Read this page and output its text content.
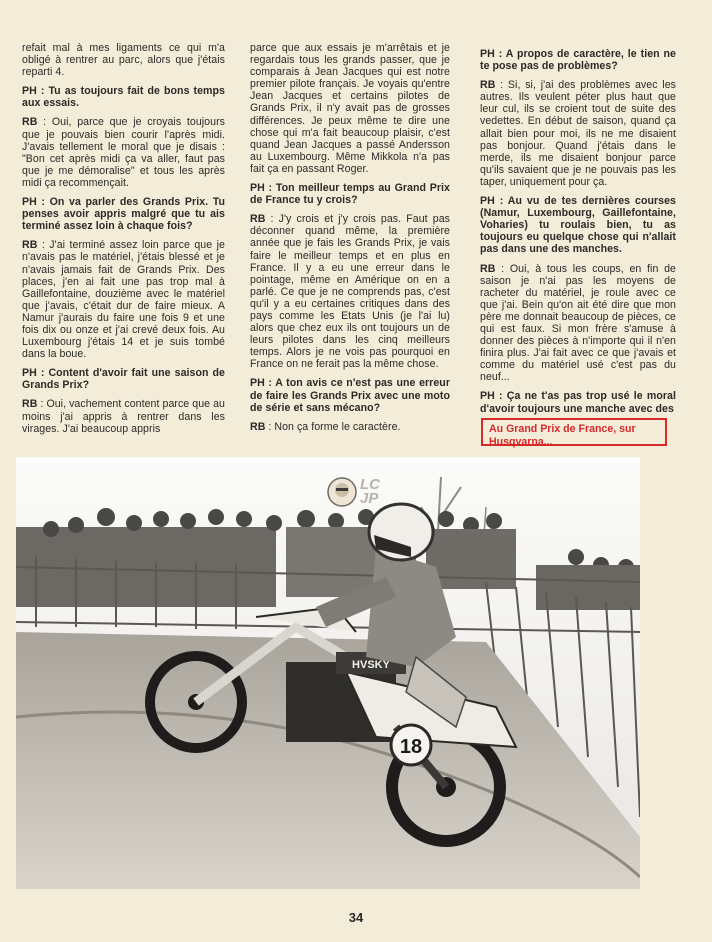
refait mal à mes ligaments ce qui m'a obligé à rentrer au parc, alors que j'étais reparti 4.

PH : Tu as toujours fait de bons temps aux essais.

RB : Oui, parce que je croyais toujours que je pouvais bien courir l'après midi. J'avais tellement le moral que je disais : "Bon cet après midi ça va aller, faut pas que je me démoralise" et tous les après midi ça recommençait.

PH : On va parler des Grands Prix. Tu penses avoir appris malgré que tu ais terminé assez loin à chaque fois?

RB : J'ai terminé assez loin parce que je n'avais pas le matériel, j'étais blessé et je n'avais jamais fait de Grands Prix. Des places, j'en ai fait une pas trop mal à Gaillefontaine, douzième avec le matériel que j'avais, c'était dur de faire mieux. A Namur j'aurais du faire une fois 9 et une fois dix ou onze et j'ai crevé deux fois. Au Luxembourg j'étais 14 et je suis tombé dans la boue.

PH : Content d'avoir fait une saison de Grands Prix?

RB : Oui, vachement content parce que au moins j'ai appris à rentrer dans les virages. J'ai beaucoup appris

parce que aux essais je m'arrêtais et je regardais tous les grands passer, que je comparais à Jean Jacques qui est notre premier pilote français. Je voyais qu'entre Jean Jacques et certains pilotes de Grands Prix, il n'y avait pas de grosses différences. Je peux même te dire une chose qui m'a fait beaucoup plaisir, c'est quand Jean Jacques a passé Andersson au Luxembourg. Même Mikkola n'a pas fait ça en passant Roger.

PH : Ton meilleur temps au Grand Prix de France tu y crois?

RB : J'y crois et j'y crois pas. Faut pas déconner quand même, la première année que je fais les Grands Prix, je vais faire le meilleur temps et en plus en France. Il y a eu une erreur dans le pointage, même en Amérique on en a parlé. Ce que je ne comprends pas, c'est qu'il y a eu certaines critiques dans des pays comme les Etats Unis (je l'ai lu) alors que chez eux ils ont toujours un de leurs pilotes dans les cinq meilleurs temps. Alors je ne vois pas pourquoi en France on ne ferait pas la même chose.

PH : A ton avis ce n'est pas une erreur de faire les Grands Prix avec une moto de série et sans mécano?

RB : Non ça forme le caractère.

PH : A propos de caractère, le tien ne te pose pas de problèmes?

RB : Si, si, j'ai des problèmes avec les autres. Ils veulent péter plus haut que leur cul, ils se croient tout de suite des vedettes. En début de saison, quand ça allait bien pour moi, ils ne me disaient pas bonjour. Quand j'étais dans le merde, ils me disaient bonjour parce qu'ils savaient que je ne pouvais pas les taper, uniquement pour ça.

PH : Au vu de tes dernières courses (Namur, Luxembourg, Gaillefontaine, Voharies) tu roulais bien, tu as toujours eu quelque chose qui n'allait pas dans une des manches.

RB : Oui, à tous les coups, en fin de saison je n'ai pas les moyens de racheter du matériel, je roule avec ce que j'ai. Bein qu'on ait été dire que mon père me donnait beaucoup de pièces, ce qui est faux. Si mon frère s'amuse à donner des pièces à n'importe qui il n'en finira plus. J'ai fait avec ce que j'avais et comme du matériel usé c'est pas du neuf...

PH : Ça ne t'as pas trop usé le moral d'avoir toujours une manche avec des

Au Grand Prix de France, sur Husqvarna...
18
HVSKY
LCJP
34
